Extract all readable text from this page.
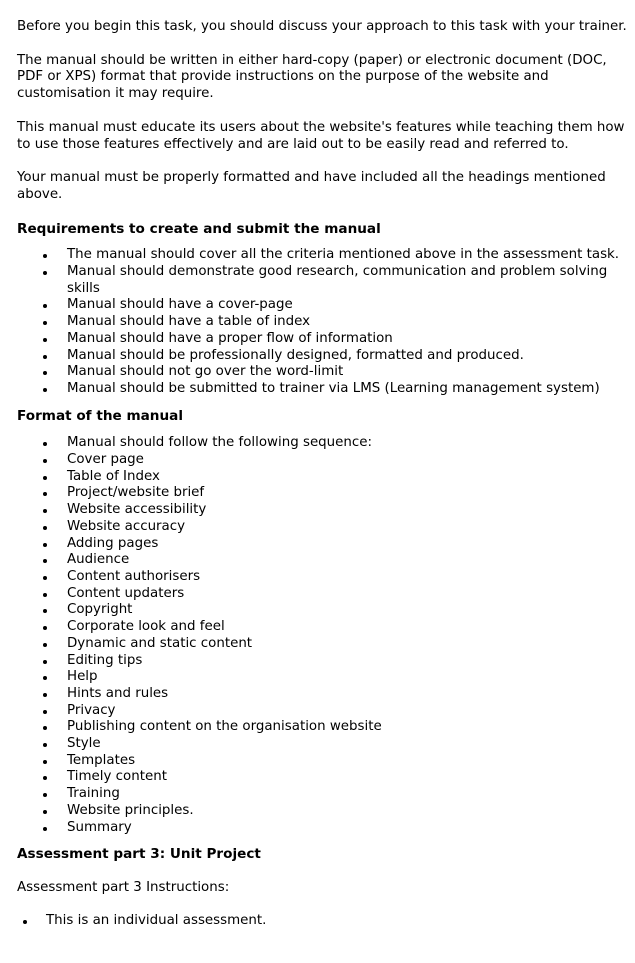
Before you begin this task, you should discuss your approach to this task with your trainer.

The manual should be written in either hard-copy (paper) or electronic document (DOC, PDF or XPS) format that provide instructions on the purpose of the website and customisation it may require.

This manual must educate its users about the website's features while teaching them how to use those features effectively and are laid out to be easily read and referred to.

Your manual must be properly formatted and have included all the headings mentioned above.

Requirements to create and submit the manual
The manual should cover all the criteria mentioned above in the assessment task.
Manual should demonstrate good research, communication and problem solving skills
Manual should have a cover-page
Manual should have a table of index
Manual should have a proper flow of information
Manual should be professionally designed, formatted and produced.
Manual should not go over the word-limit
Manual should be submitted to trainer via LMS (Learning management system)
Format of the manual
Manual should follow the following sequence:
Cover page
Table of Index
Project/website brief
Website accessibility
Website accuracy
Adding pages
Audience
Content authorisers
Content updaters
Copyright
Corporate look and feel
Dynamic and static content
Editing tips
Help
Hints and rules
Privacy
Publishing content on the organisation website
Style
Templates
Timely content
Training
Website principles.
Summary
Assessment part 3: Unit Project

Assessment part 3 Instructions:

This is an individual assessment.
